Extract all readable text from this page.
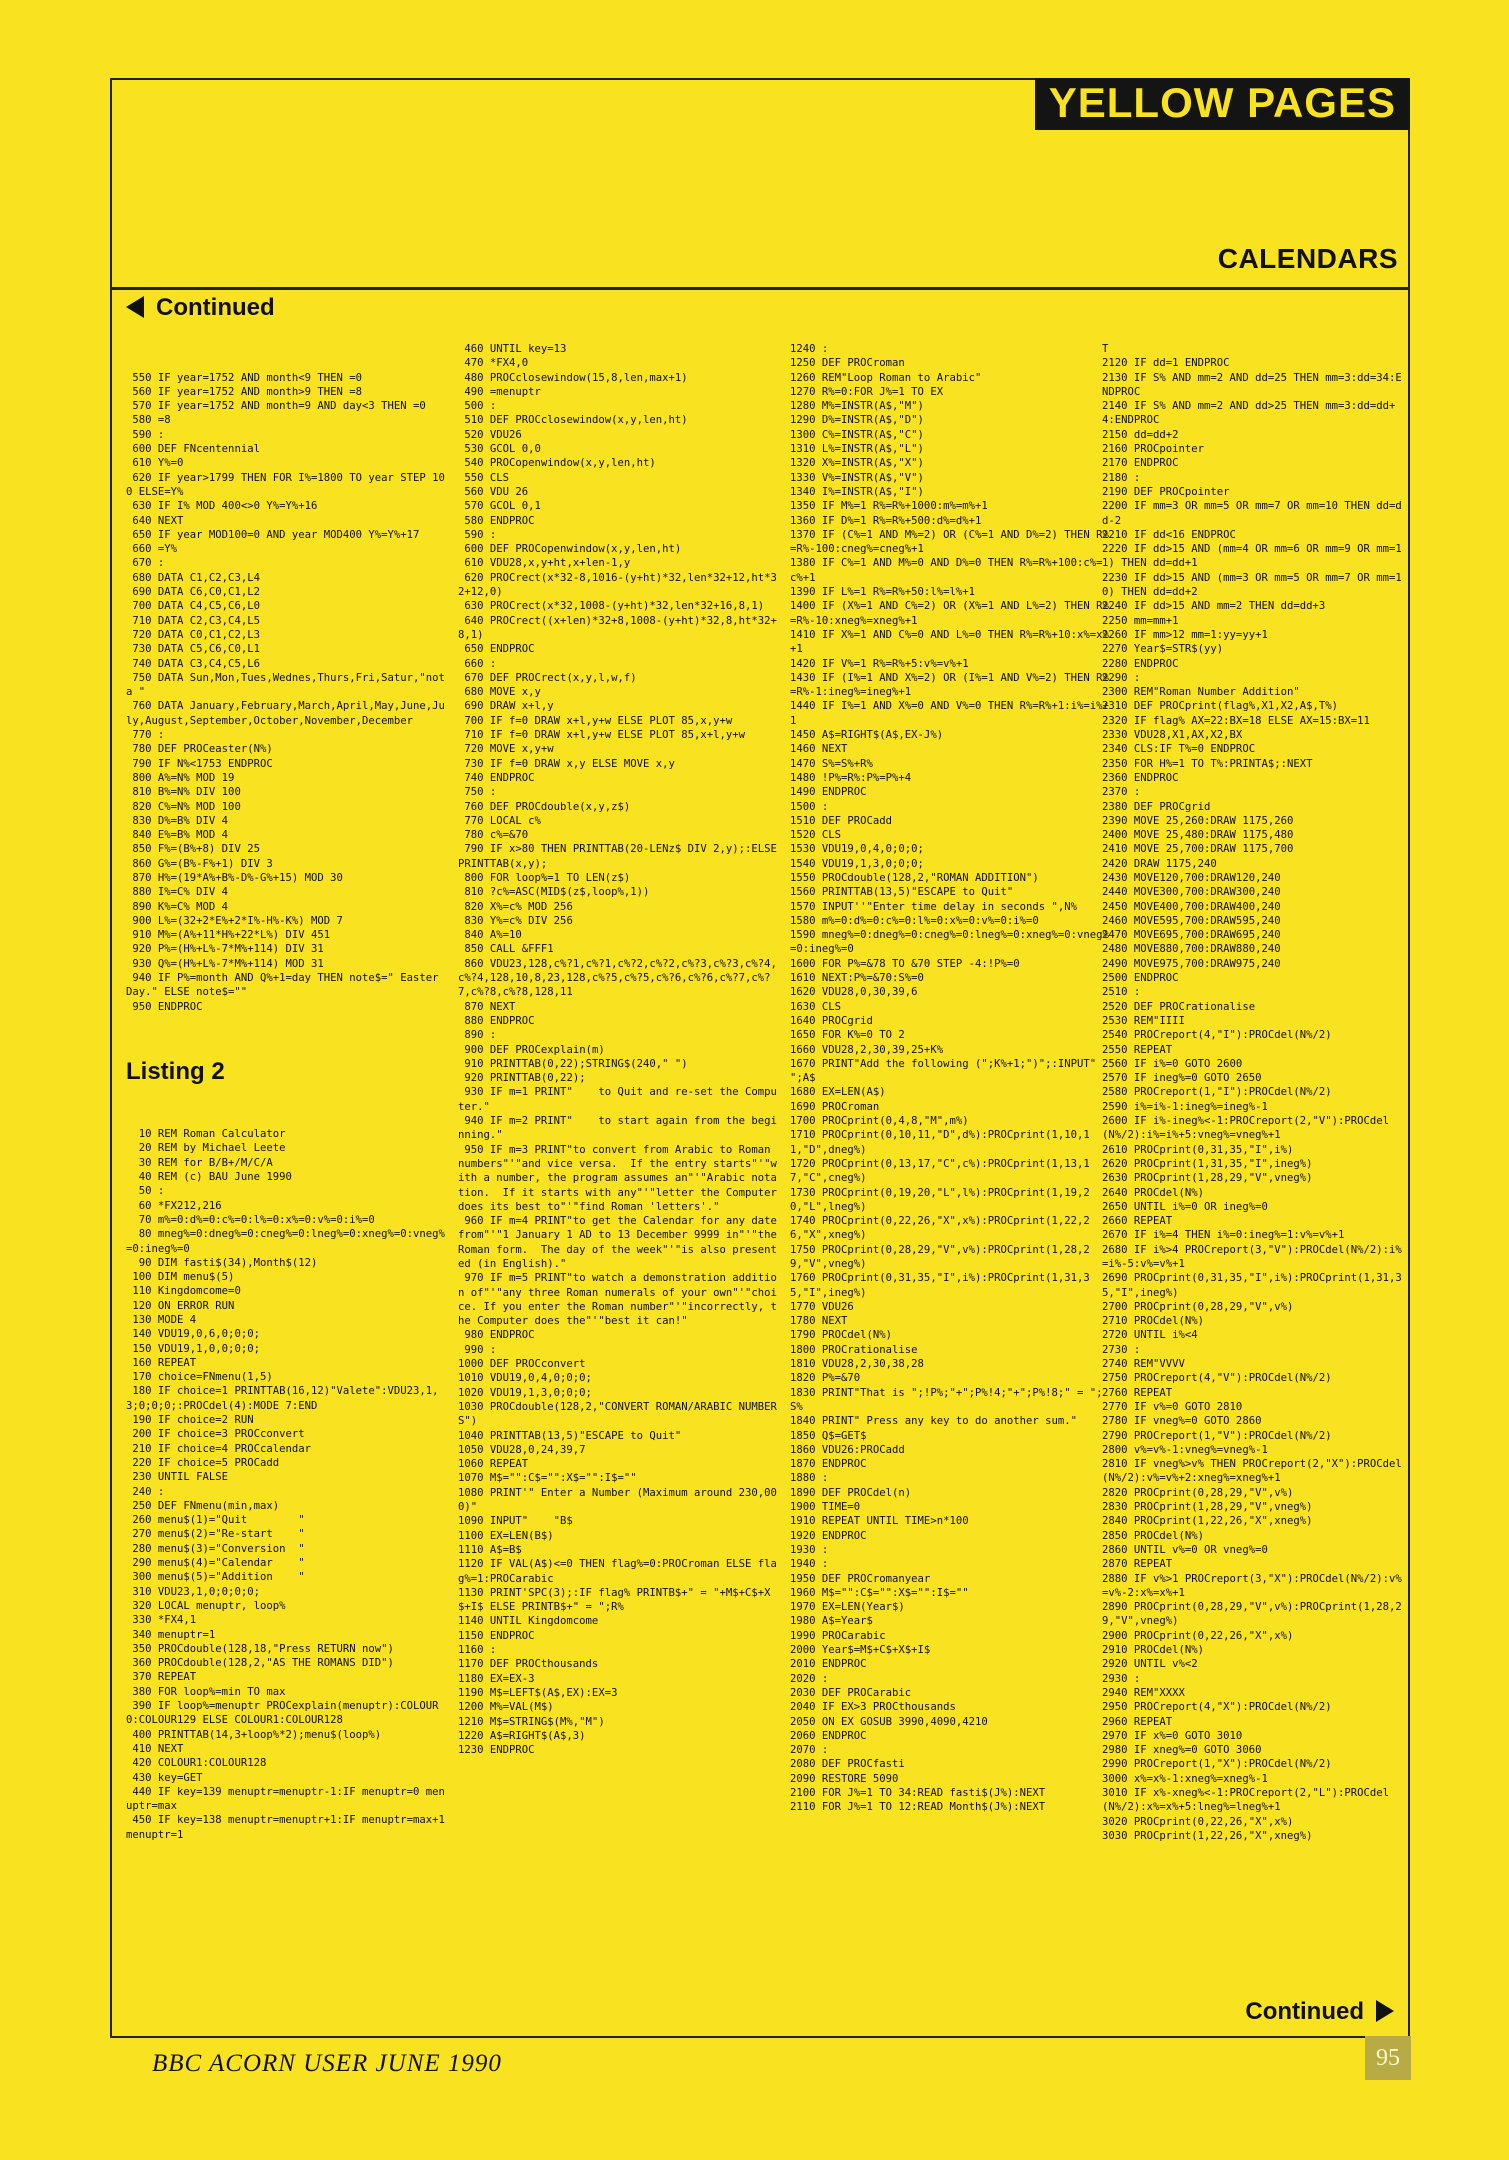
YELLOW PAGES
CALENDARS
Continued

550 IF year=1752 AND month<9 THEN =0
560 IF year=1752 AND month>9 THEN =8
570 IF year=1752 AND month=9 AND day<3 THEN =0
580 =8
590 :
600 DEF FNcentennial
610 Y%=0
620 IF year>1799 THEN FOR I%=1800 TO year STEP 100 ELSE=Y%
630 IF I% MOD 400<>0 Y%=Y%+16
640 NEXT
650 IF year MOD100=0 AND year MOD400 Y%=Y%+17
660 =Y%
670 :
680 DATA C1,C2,C3,L4
690 DATA C6,C0,C1,L2
700 DATA C4,C5,C6,L0
710 DATA C2,C3,C4,L5
720 DATA C0,C1,C2,L3
730 DATA C5,C6,C0,L1
740 DATA C3,C4,C5,L6
750 DATA Sun,Mon,Tues,Wednes,Thurs,Fri,Satur,"not a "
760 DATA January,February,March,April,May,June,July,August,September,October,November,December
770 :
780 DEF PROCeaster(N%)
790 IF N%<1753 ENDPROC
800 A%=N% MOD 19
810 B%=N% DIV 100
820 C%=N% MOD 100
830 D%=B% DIV 4
840 E%=B% MOD 4
850 F%=(B%+8) DIV 25
860 G%=(B%-F%+1) DIV 3
870 H%=(19*A%+B%-D%-G%+15) MOD 30
880 I%=C% DIV 4
890 K%=C% MOD 4
900 L%=(32+2*E%+2*I%-H%-K%) MOD 7
910 M%=(A%+11*H%+22*L%) DIV 451
920 P%=(H%+L%-7*M%+114) DIV 31
930 Q%=(H%+L%-7*M%+114) MOD 31
940 IF P%=month AND Q%+1=day THEN note$=" Easter Day." ELSE note$=""
950 ENDPROC

Listing 2

10 REM Roman Calculator
20 REM by Michael Leete
30 REM for B/B+/M/C/A
40 REM (c) BAU June 1990
50 :
60 *FX212,216
70 m%=0:d%=0:c%=0:l%=0:x%=0:v%=0:i%=0
80 mneg%=0:dneg%=0:cneg%=0:lneg%=0:xneg%=0:vneg%=0:ineg%=0
90 DIM fasti$(34),Month$(12)
100 DIM menu$(5)
110 Kingdomcome=0
120 ON ERROR RUN
130 MODE 4
140 VDU19,0,6,0;0;0;
150 VDU19,1,0,0;0;0;
160 REPEAT
170 choice=FNmenu(1,5)
180 IF choice=1 PRINTTAB(16,12)"Valete":VDU23,1,3;0;0;0;:PROCdel(4):MODE 7:END
190 IF choice=2 RUN
200 IF choice=3 PROCconvert
210 IF choice=4 PROCcalendar
220 IF choice=5 PROCadd
230 UNTIL FALSE
240 :
250 DEF FNmenu(min,max)
260 menu$(1)="Quit        "
270 menu$(2)="Re-start    "
280 menu$(3)="Conversion  "
290 menu$(4)="Calendar    "
300 menu$(5)="Addition    "
310 VDU23,1,0;0;0;0;
320 LOCAL menuptr, loop%
330 *FX4,1
340 menuptr=1
350 PROCdouble(128,18,"Press RETURN now")
360 PROCdouble(128,2,"AS THE ROMANS DID")
370 REPEAT
380 FOR loop%=min TO max
390 IF loop%=menuptr PROCexplain(menuptr):COLOUR0:COLOUR129 ELSE COLOUR1:COLOUR128
400 PRINTTAB(14,3+loop%*2);menu$(loop%)
410 NEXT
420 COLOUR1:COLOUR128
430 key=GET
440 IF key=139 menuptr=menuptr-1:IF menuptr=0 menuptr=max
450 IF key=138 menuptr=menuptr+1:IF menuptr=max+1 menuptr=1

460 UNTIL key=13
470 *FX4,0
480 PROCclosewindow(15,8,len,max+1)
490 =menuptr
500 :
510 DEF PROCclosewindow(x,y,len,ht)
520 VDU26
530 GCOL 0,0
540 PROCopenwindow(x,y,len,ht)
550 CLS
560 VDU 26
570 GCOL 0,1
580 ENDPROC
590 :
600 DEF PROCopenwindow(x,y,len,ht)
610 VDU28,x,y+ht,x+len-1,y
620 PROCrect(x*32-8,1016-(y+ht)*32,len*32+12,ht*32+12,0)
630 PROCrect(x*32,1008-(y+ht)*32,len*32+16,8,1)
640 PROCrect((x+len)*32+8,1008-(y+ht)*32,8,ht*32+8,1)
650 ENDPROC
660 :
670 DEF PROCrect(x,y,l,w,f)
680 MOVE x,y
690 DRAW x+l,y
700 IF f=0 DRAW x+l,y+w ELSE PLOT 85,x,y+w
710 IF f=0 DRAW x+l,y+w ELSE PLOT 85,x+l,y+w
720 MOVE x,y+w
730 IF f=0 DRAW x,y ELSE MOVE x,y
740 ENDPROC
750 :
760 DEF PROCdouble(x,y,z$)
770 LOCAL c%
780 c%=&70
790 IF x>80 THEN PRINTTAB(20-LENz$ DIV 2,y);:ELSE PRINTTAB(x,y);
800 FOR loop%=1 TO LEN(z$)
810 ?c%=ASC(MID$(z$,loop%,1))
820 X%=c% MOD 256
830 Y%=c% DIV 256
840 A%=10
850 CALL &FFF1
860 VDU23,128,c%?1,c%?1,c%?2,c%?2,c%?3,c%?3,c%?4,c%?4,128,10,8,23,128,c%?5,c%?5,c%?6,c%?6,c%?7,c%?7,c%?8,c%?8,128,11
870 NEXT
880 ENDPROC
890 :
900 DEF PROCexplain(m)
910 PRINTTAB(0,22);STRING$(240," ")
920 PRINTTAB(0,22);
930 IF m=1 PRINT"    to Quit and re-set the Computer."
940 IF m=2 PRINT"    to start again from the beginning."
950 IF m=3 PRINT"to convert from Arabic to Roman numbers"'"and vice versa.  If the entry starts"'"with a number, the program assumes an"'"Arabic notation.  If it starts with any"'"letter the Computer does its best to"'"find Roman 'letters'."
960 IF m=4 PRINT"to get the Calendar for any date from"'"1 January 1 AD to 13 December 9999 in"'"the Roman form.  The day of the week"'"is also presented (in English)."
970 IF m=5 PRINT"to watch a demonstration addition of"'"any three Roman numerals of your own"'"choice. If you enter the Roman number"'"incorrectly, the Computer does the"'"best it can!"
980 ENDPROC
990 :
1000 DEF PROCconvert
1010 VDU19,0,4,0;0;0;
1020 VDU19,1,3,0;0;0;
1030 PROCdouble(128,2,"CONVERT ROMAN/ARABIC NUMBERS")
1040 PRINTTAB(13,5)"ESCAPE to Quit"
1050 VDU28,0,24,39,7
1060 REPEAT
1070 M$="":C$="":X$="":I$=""
1080 PRINT'" Enter a Number (Maximum around 230,000)"
1090 INPUT"    "B$
1100 EX=LEN(B$)
1110 A$=B$
1120 IF VAL(A$)<=0 THEN flag%=0:PROCroman ELSE flag%=1:PROCarabic
1130 PRINT'SPC(3);:IF flag% PRINTB$+" = "+M$+C$+X$+I$ ELSE PRINTB$+" = ";R%
1140 UNTIL Kingdomcome
1150 ENDPROC
1160 :
1170 DEF PROCthousands
1180 EX=EX-3
1190 M$=LEFT$(A$,EX):EX=3
1200 M%=VAL(M$)
1210 M$=STRING$(M%,"M")
1220 A$=RIGHT$(A$,3)
1230 ENDPROC
1240 :
1250 DEF PROCroman
1260 REM"Loop Roman to Arabic"
1270 R%=0:FOR J%=1 TO EX
1280 M%=INSTR(A$,"M")
1290 D%=INSTR(A$,"D")
1300 C%=INSTR(A$,"C")
1310 L%=INSTR(A$,"L")
1320 X%=INSTR(A$,"X")
1330 V%=INSTR(A$,"V")
1340 I%=INSTR(A$,"I")
1350 IF M%=1 R%=R%+1000:m%=m%+1
1360 IF D%=1 R%=R%+500:d%=d%+1
1370 IF (C%=1 AND M%=2) OR (C%=1 AND D%=2) THEN R%=R%-100:cneg%=cneg%+1
1380 IF C%=1 AND M%=0 AND D%=0 THEN R%=R%+100:c%=c%+1
1390 IF L%=1 R%=R%+50:l%=l%+1
1400 IF (X%=1 AND C%=2) OR (X%=1 AND L%=2) THEN R%=R%-10:xneg%=xneg%+1
1410 IF X%=1 AND C%=0 AND L%=0 THEN R%=R%+10:x%=x%+1
1420 IF V%=1 R%=R%+5:v%=v%+1
1430 IF (I%=1 AND X%=2) OR (I%=1 AND V%=2) THEN R%=R%-1:ineg%=ineg%+1
1440 IF I%=1 AND X%=0 AND V%=0 THEN R%=R%+1:i%=i%+1
1450 A$=RIGHT$(A$,EX-J%)
1460 NEXT
1470 S%=S%+R%
1480 !P%=R%:P%=P%+4
1490 ENDPROC
1500 :
1510 DEF PROCadd
1520 CLS
1530 VDU19,0,4,0;0;0;
1540 VDU19,1,3,0;0;0;
1550 PROCdouble(128,2,"ROMAN ADDITION")
1560 PRINTTAB(13,5)"ESCAPE to Quit"
1570 INPUT''"Enter time delay in seconds ",N%
1580 m%=0:d%=0:c%=0:l%=0:x%=0:v%=0:i%=0
1590 mneg%=0:dneg%=0:cneg%=0:lneg%=0:xneg%=0:vneg%=0:ineg%=0
1600 FOR P%=&78 TO &70 STEP -4:!P%=0
1610 NEXT:P%=&70:S%=0
1620 VDU28,0,30,39,6
1630 CLS
1640 PROCgrid
1650 FOR K%=0 TO 2
1660 VDU28,2,30,39,25+K%
1670 PRINT"Add the following (";K%+1;")";:INPUT" ";A$
1680 EX=LEN(A$)
1690 PROCroman
1700 PROCprint(0,4,8,"M",m%)
1710 PROCprint(0,10,11,"D",d%):PROCprint(1,10,11,"D",dneg%)
1720 PROCprint(0,13,17,"C",c%):PROCprint(1,13,17,"C",cneg%)
1730 PROCprint(0,19,20,"L",l%):PROCprint(1,19,20,"L",lneg%)
1740 PROCprint(0,22,26,"X",x%):PROCprint(1,22,26,"X",xneg%)
1750 PROCprint(0,28,29,"V",v%):PROCprint(1,28,29,"V",vneg%)
1760 PROCprint(0,31,35,"I",i%):PROCprint(1,31,35,"I",ineg%)
1770 VDU26
1780 NEXT
1790 PROCdel(N%)
1800 PROCrationalise
1810 VDU28,2,30,38,28
1820 P%=&70
1830 PRINT"That is ";!P%;"+";P%!4;"+";P%!8;" = ";S%
1840 PRINT" Press any key to do another sum."
1850 Q$=GET$
1860 VDU26:PROCadd
1870 ENDPROC
1880 :
1890 DEF PROCdel(n)
1900 TIME=0
1910 REPEAT UNTIL TIME>n*100
1920 ENDPROC
1930 :
1940 :
1950 DEF PROCromanyear
1960 M$="":C$="":X$="":I$=""
1970 EX=LEN(Year$)
1980 A$=Year$
1990 PROCarabic
2000 Year$=M$+C$+X$+I$
2010 ENDPROC
2020 :
2030 DEF PROCarabic
2040 IF EX>3 PROCthousands
2050 ON EX GOSUB 3990,4090,4210
2060 ENDPROC
2070 :
2080 DEF PROCfasti
2090 RESTORE 5090
2100 FOR J%=1 TO 34:READ fasti$(J%):NEXT
2110 FOR J%=1 TO 12:READ Month$(J%):NEXT
T
2120 IF dd=1 ENDPROC
2130 IF S% AND mm=2 AND dd=25 THEN mm=3:dd=34:ENDPROC
2140 IF S% AND mm=2 AND dd>25 THEN mm=3:dd=dd+4:ENDPROC
2150 dd=dd+2
2160 PROCpointer
2170 ENDPROC
2180 :
2190 DEF PROCpointer
2200 IF mm=3 OR mm=5 OR mm=7 OR mm=10 THEN dd=dd-2
2210 IF dd<16 ENDPROC
2220 IF dd>15 AND (mm=4 OR mm=6 OR mm=9 OR mm=11) THEN dd=dd+1
2230 IF dd>15 AND (mm=3 OR mm=5 OR mm=7 OR mm=10) THEN dd=dd+2
2240 IF dd>15 AND mm=2 THEN dd=dd+3
2250 mm=mm+1
2260 IF mm>12 mm=1:yy=yy+1
2270 Year$=STR$(yy)
2280 ENDPROC
2290 :
2300 REM"Roman Number Addition"
2310 DEF PROCprint(flag%,X1,X2,A$,T%)
2320 IF flag% AX=22:BX=18 ELSE AX=15:BX=11
2330 VDU28,X1,AX,X2,BX
2340 CLS:IF T%=0 ENDPROC
2350 FOR H%=1 TO T%:PRINTA$;:NEXT
2360 ENDPROC
2370 :
2380 DEF PROCgrid
2390 MOVE 25,260:DRAW 1175,260
2400 MOVE 25,480:DRAW 1175,480
2410 MOVE 25,700:DRAW 1175,700
2420 DRAW 1175,240
2430 MOVE120,700:DRAW120,240
2440 MOVE300,700:DRAW300,240
2450 MOVE400,700:DRAW400,240
2460 MOVE595,700:DRAW595,240
2470 MOVE695,700:DRAW695,240
2480 MOVE880,700:DRAW880,240
2490 MOVE975,700:DRAW975,240
2500 ENDPROC
2510 :
2520 DEF PROCrationalise
2530 REM"IIII
2540 PROCreport(4,"I"):PROCdel(N%/2)
2550 REPEAT
2560 IF i%=0 GOTO 2600
2570 IF ineg%=0 GOTO 2650
2580 PROCreport(1,"I"):PROCdel(N%/2)
2590 i%=i%-1:ineg%=ineg%-1
2600 IF i%-ineg%<-1:PROCreport(2,"V"):PROCdel(N%/2):i%=i%+5:vneg%=vneg%+1
2610 PROCprint(0,31,35,"I",i%)
2620 PROCprint(1,31,35,"I",ineg%)
2630 PROCprint(1,28,29,"V",vneg%)
2640 PROCdel(N%)
2650 UNTIL i%=0 OR ineg%=0
2660 REPEAT
2670 IF i%=4 THEN i%=0:ineg%=1:v%=v%+1
2680 IF i%>4 PROCreport(3,"V"):PROCdel(N%/2):i%=i%-5:v%=v%+1
2690 PROCprint(0,31,35,"I",i%):PROCprint(1,31,35,"I",ineg%)
2700 PROCprint(0,28,29,"V",v%)
2710 PROCdel(N%)
2720 UNTIL i%<4
2730 :
2740 REM"VVVV
2750 PROCreport(4,"V"):PROCdel(N%/2)
2760 REPEAT
2770 IF v%=0 GOTO 2810
2780 IF vneg%=0 GOTO 2860
2790 PROCreport(1,"V"):PROCdel(N%/2)
2800 v%=v%-1:vneg%=vneg%-1
2810 IF vneg%>v% THEN PROCreport(2,"X"):PROCdel(N%/2):v%=v%+2:xneg%=xneg%+1
2820 PROCprint(0,28,29,"V",v%)
2830 PROCprint(1,28,29,"V",vneg%)
2840 PROCprint(1,22,26,"X",xneg%)
2850 PROCdel(N%)
2860 UNTIL v%=0 OR vneg%=0
2870 REPEAT
2880 IF v%>1 PROCreport(3,"X"):PROCdel(N%/2):v%=v%-2:x%=x%+1
2890 PROCprint(0,28,29,"V",v%):PROCprint(1,28,29,"V",vneg%)
2900 PROCprint(0,22,26,"X",x%)
2910 PROCdel(N%)
2920 UNTIL v%<2
2930 :
2940 REM"XXXX
2950 PROCreport(4,"X"):PROCdel(N%/2)
2960 REPEAT
2970 IF x%=0 GOTO 3010
2980 IF xneg%=0 GOTO 3060
2990 PROCreport(1,"X"):PROCdel(N%/2)
3000 x%=x%-1:xneg%=xneg%-1
3010 IF x%-xneg%<-1:PROCreport(2,"L"):PROCdel(N%/2):x%=x%+5:lneg%=lneg%+1
3020 PROCprint(0,22,26,"X",x%)
3030 PROCprint(1,22,26,"X",xneg%)
Continued
BBC ACORN USER JUNE 1990	95
